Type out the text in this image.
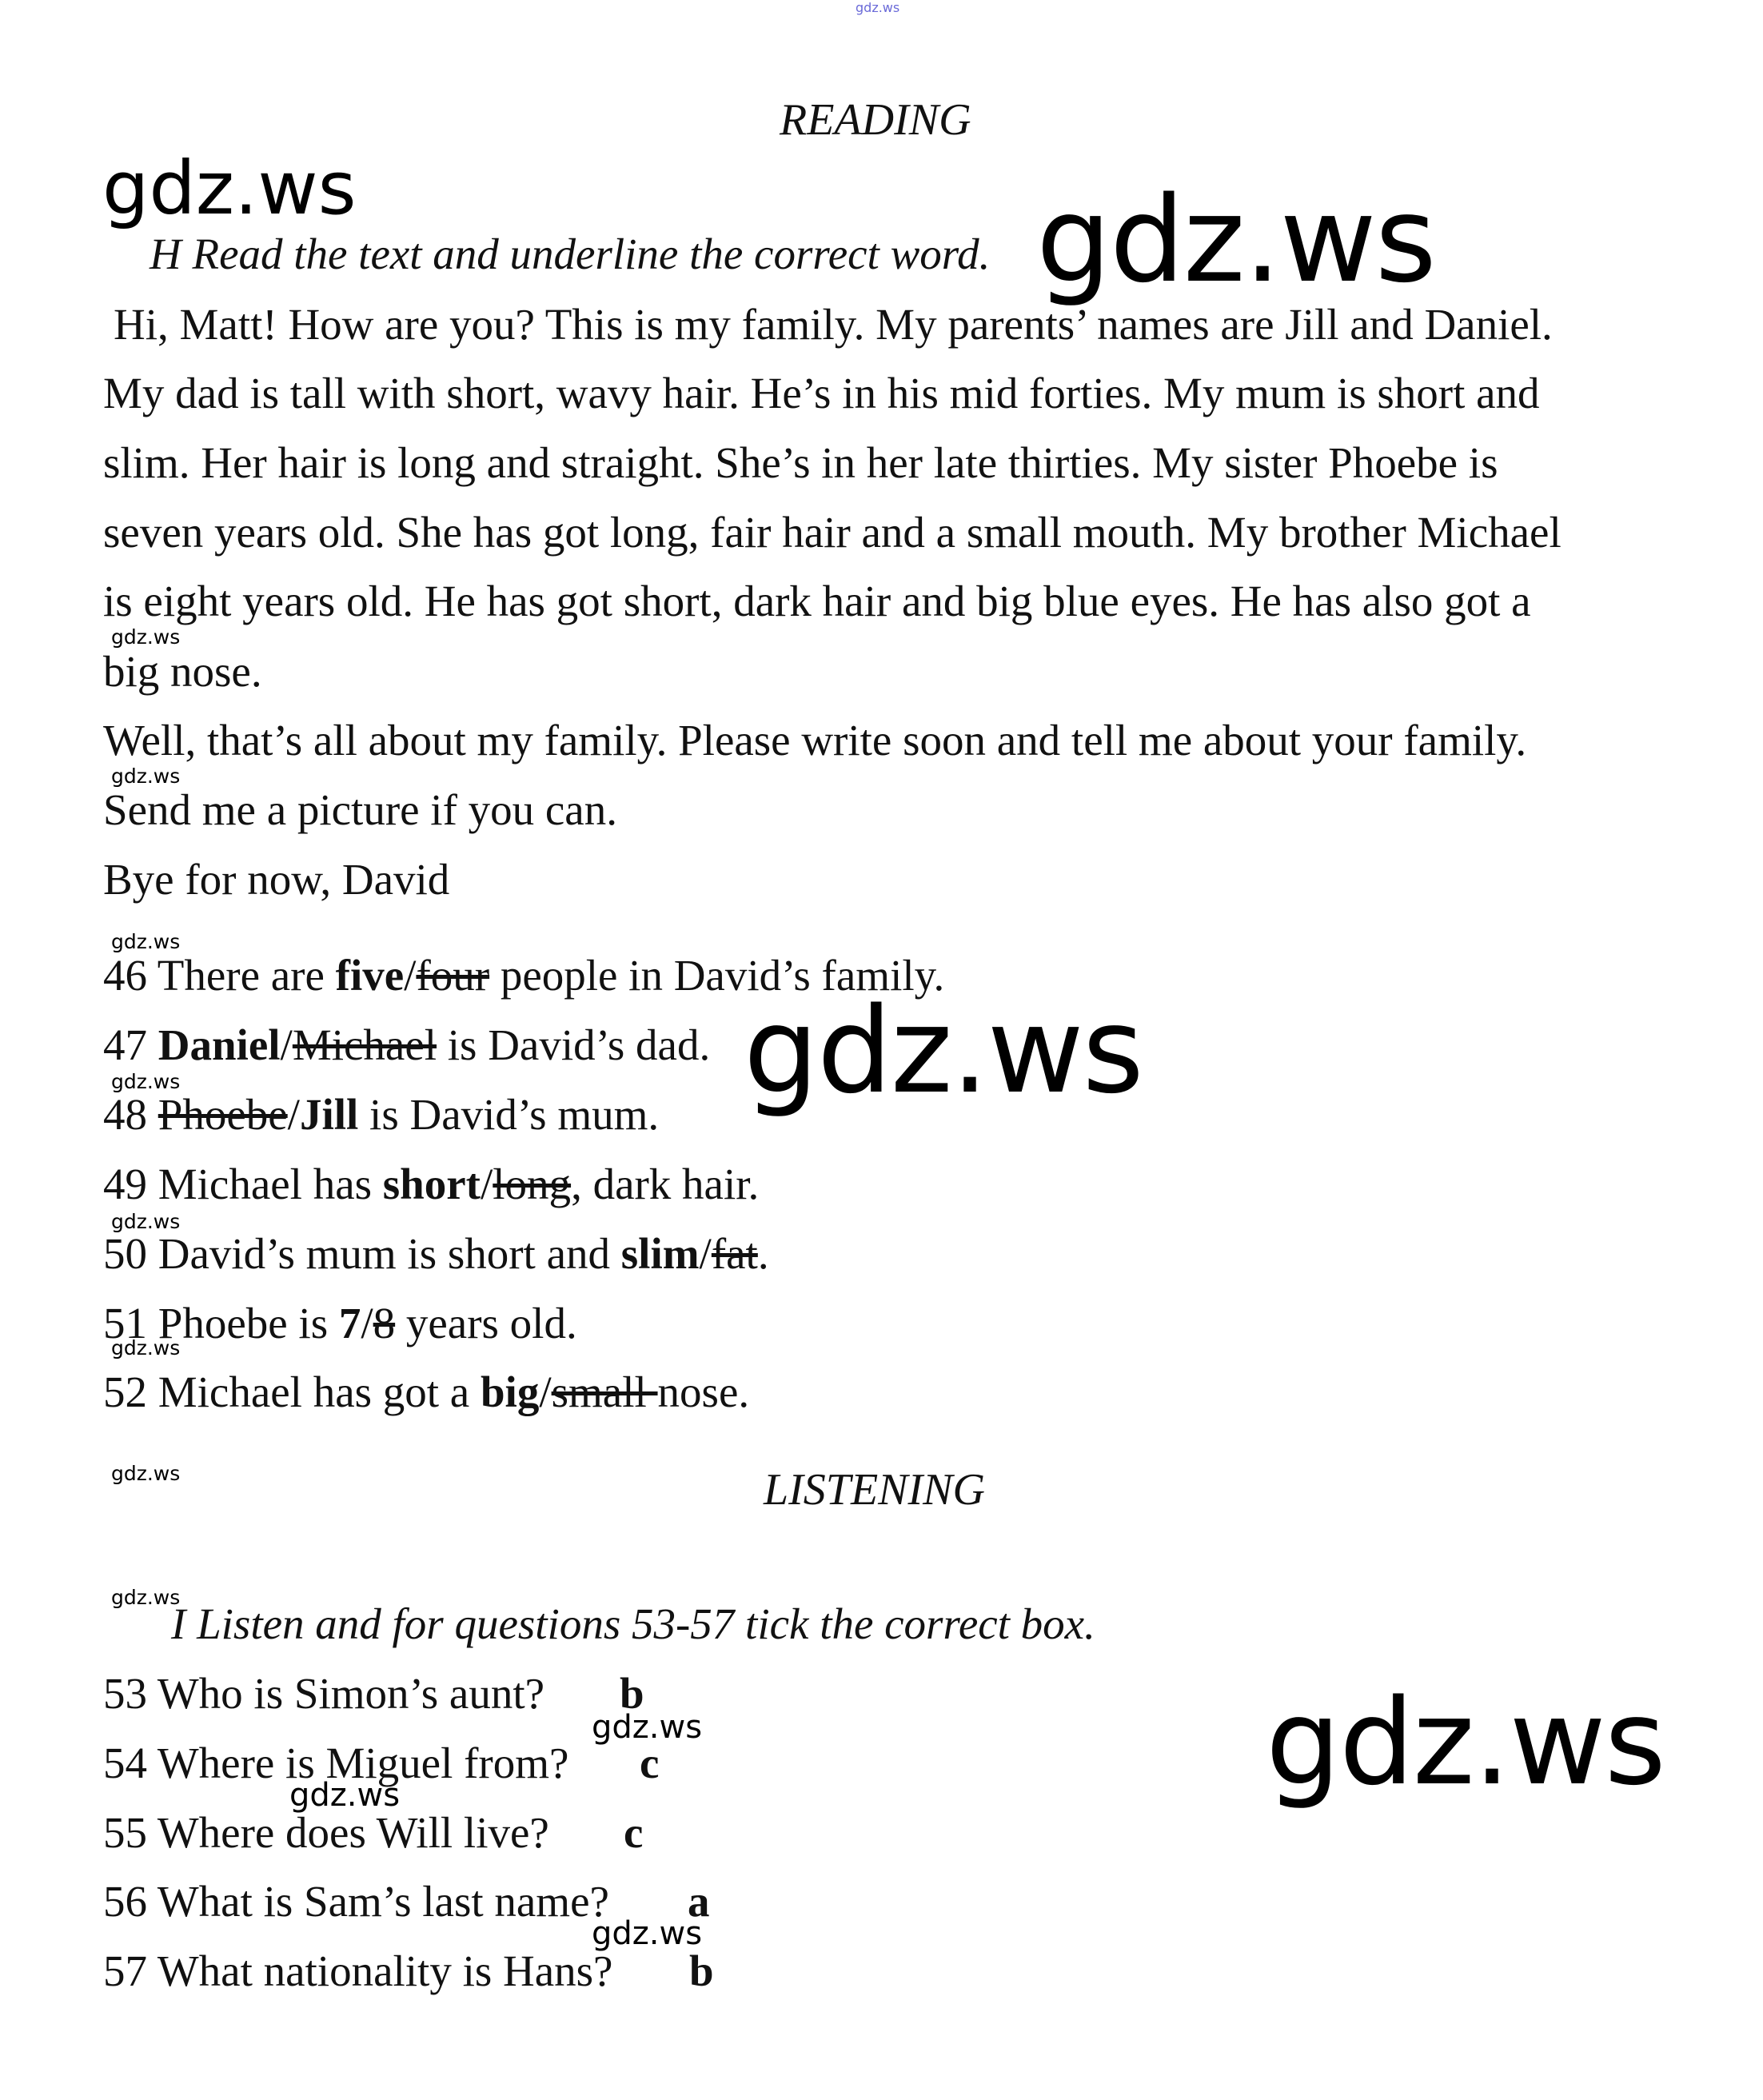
gdz.ws
READING
gdz.ws	gdz.ws
H Read the text and underline the correct word.
Hi, Matt! How are you? This is my family. My parents’ names are Jill and Daniel.
My dad is tall with short, wavy hair. He’s in his mid forties. My mum is short and
slim. Her hair is long and straight. She’s in her late thirties. My sister Phoebe is
seven years old. She has got long, fair hair and a small mouth. My brother Michael
is eight years old. He has got short, dark hair and big blue eyes. He has also got a
gdz.ws
big nose.
Well, that’s all about my family. Please write soon and tell me about your family.
gdz.ws
Send me a picture if you can.
Bye for now, David
gdz.ws
46 There are five/four people in David’s family.
47 Daniel/Michael is David’s dad. gdz.ws
gdz.ws
48 Phoebe/Jill is David’s mum.
49 Michael has short/long, dark hair.
gdz.ws
50 David’s mum is short and slim/fat.
51 Phoebe is 7/8 years old.
gdz.ws
52 Michael has got a big/small nose.
gdz.ws	LISTENING
gdz.ws
I Listen and for questions 53-57 tick the correct box.
53 Who is Simon’s aunt? b
gdz.ws
54 Where is Miguel from? c
gdz.ws	gdz.ws
55 Where does Will live? c
56 What is Sam’s last name? a
gdz.ws
57 What nationality is Hans? b
